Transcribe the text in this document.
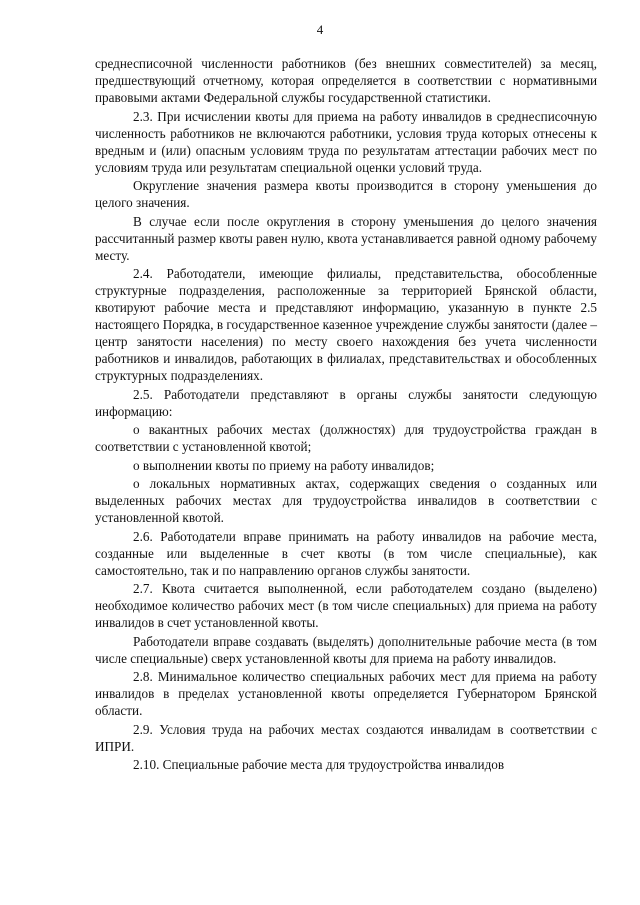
4

среднесписочной численности работников (без внешних совместителей) за месяц, предшествующий отчетному, которая определяется в соответствии с нормативными правовыми актами Федеральной службы государственной статистики.

2.3. При исчислении квоты для приема на работу инвалидов в среднесписочную численность работников не включаются работники, условия труда которых отнесены к вредным и (или) опасным условиям труда по результатам аттестации рабочих мест по условиям труда или результатам специальной оценки условий труда.

Округление значения размера квоты производится в сторону уменьшения до целого значения.

В случае если после округления в сторону уменьшения до целого значения рассчитанный размер квоты равен нулю, квота устанавливается равной одному рабочему месту.

2.4. Работодатели, имеющие филиалы, представительства, обособленные структурные подразделения, расположенные за территорией Брянской области, квотируют рабочие места и представляют информацию, указанную в пункте 2.5 настоящего Порядка, в государственное казенное учреждение службы занятости (далее – центр занятости населения) по месту своего нахождения без учета численности работников и инвалидов, работающих в филиалах, представительствах и обособленных структурных подразделениях.

2.5. Работодатели представляют в органы службы занятости следующую информацию:

о вакантных рабочих местах (должностях) для трудоустройства граждан в соответствии с установленной квотой;

о выполнении квоты по приему на работу инвалидов;

о локальных нормативных актах, содержащих сведения о созданных или выделенных рабочих местах для трудоустройства инвалидов в соответствии с установленной квотой.

2.6. Работодатели вправе принимать на работу инвалидов на рабочие места, созданные или выделенные в счет квоты (в том числе специальные), как самостоятельно, так и по направлению органов службы занятости.

2.7. Квота считается выполненной, если работодателем создано (выделено) необходимое количество рабочих мест (в том числе специальных) для приема на работу инвалидов в счет установленной квоты.

Работодатели вправе создавать (выделять) дополнительные рабочие места (в том числе специальные) сверх установленной квоты для приема на работу инвалидов.

2.8. Минимальное количество специальных рабочих мест для приема на работу инвалидов в пределах установленной квоты определяется Губернатором Брянской области.

2.9. Условия труда на рабочих местах создаются инвалидам в соответствии с ИПРИ.

2.10. Специальные рабочие места для трудоустройства инвалидов
